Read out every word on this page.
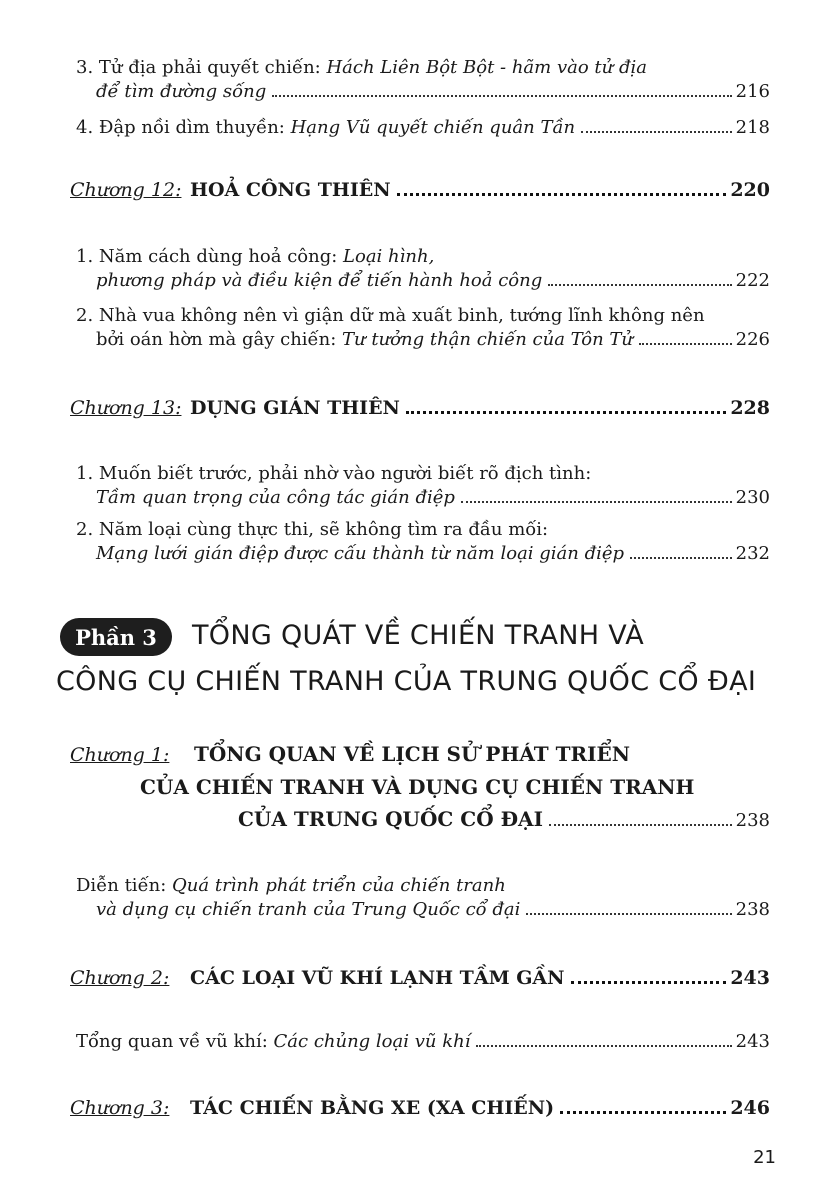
3. Tử địa phải quyết chiến: Hách Liên Bột Bột - hãm vào tử địa
để tìm đường sống	216
4. Đập nồi dìm thuyền: Hạng Vũ quyết chiến quân Tần	218
Chương 12: HOẢ CÔNG THIÊN	220
1. Năm cách dùng hoả công: Loại hình,
phương pháp và điều kiện để tiến hành hoả công	222
2. Nhà vua không nên vì giận dữ mà xuất binh, tướng lĩnh không nên
bởi oán hờn mà gây chiến: Tư tưởng thận chiến của Tôn Tử	226
Chương 13: DỤNG GIÁN THIÊN	228
1. Muốn biết trước, phải nhờ vào người biết rõ địch tình:
Tầm quan trọng của công tác gián điệp	230
2. Năm loại cùng thực thi, sẽ không tìm ra đầu mối:
Mạng lưới gián điệp được cấu thành từ năm loại gián điệp	232
Phần 3	TỔNG QUÁT VỀ CHIẾN TRANH VÀ
CÔNG CỤ CHIẾN TRANH CỦA TRUNG QUỐC CỔ ĐẠI
Chương 1: TỔNG QUAN VỀ LỊCH SỬ PHÁT TRIỂN
CỦA CHIẾN TRANH VÀ DỤNG CỤ CHIẾN TRANH
CỦA TRUNG QUỐC CỔ ĐẠI	238
Diễn tiến: Quá trình phát triển của chiến tranh
và dụng cụ chiến tranh của Trung Quốc cổ đại	238
Chương 2:	CÁC LOẠI VŨ KHÍ LẠNH TẦM GẦN	243
Tổng quan về vũ khí: Các chủng loại vũ khí	243
Chương 3:	TÁC CHIẾN BẰNG XE (XA CHIẾN)	246
21
